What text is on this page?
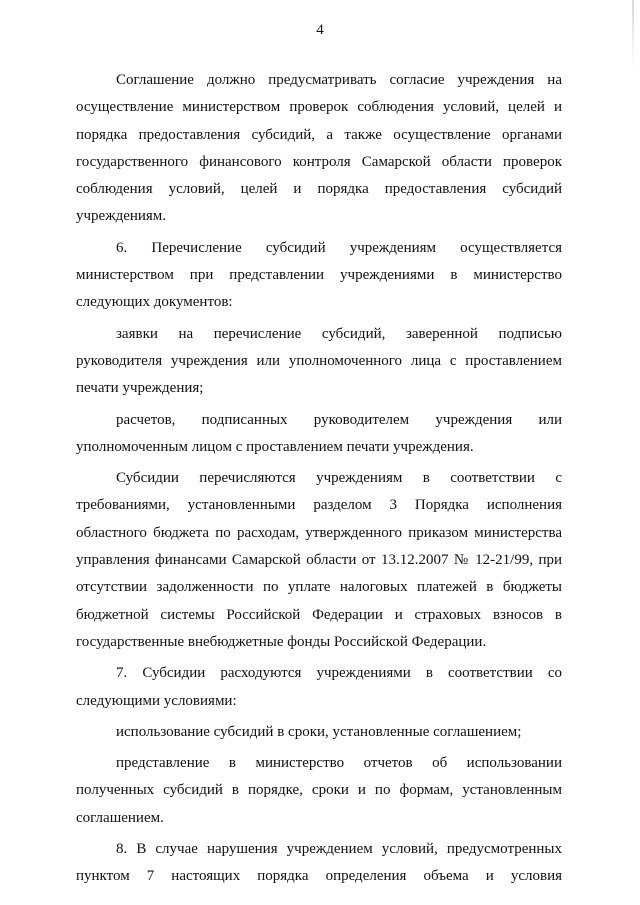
4

Соглашение должно предусматривать согласие учреждения на осуществление министерством проверок соблюдения условий, целей и порядка предоставления субсидий, а также осуществление органами государственного финансового контроля Самарской области проверок соблюдения условий, целей и порядка предоставления субсидий учреждениям.

6. Перечисление субсидий учреждениям осуществляется министерством при представлении учреждениями в министерство следующих документов:

заявки на перечисление субсидий, заверенной подписью руководителя учреждения или уполномоченного лица с проставлением печати учреждения;

расчетов, подписанных руководителем учреждения или уполномоченным лицом с проставлением печати учреждения.

Субсидии перечисляются учреждениям в соответствии с требованиями, установленными разделом 3 Порядка исполнения областного бюджета по расходам, утвержденного приказом министерства управления финансами Самарской области от 13.12.2007 № 12-21/99, при отсутствии задолженности по уплате налоговых платежей в бюджеты бюджетной системы Российской Федерации и страховых взносов в государственные внебюджетные фонды Российской Федерации.

7. Субсидии расходуются учреждениями в соответствии со следующими условиями:

использование субсидий в сроки, установленные соглашением;

представление в министерство отчетов об использовании полученных субсидий в порядке, сроки и по формам, установленным соглашением.

8. В случае нарушения учреждением условий, предусмотренных пунктом 7 настоящих порядка определения объема и условия
